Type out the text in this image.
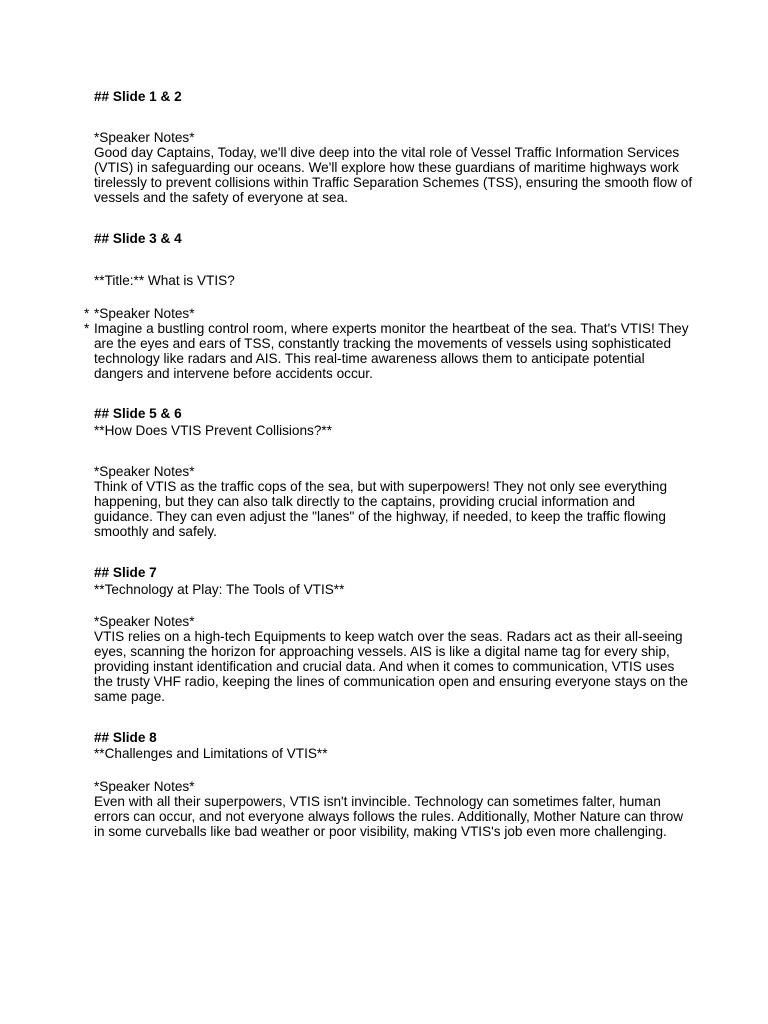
## Slide 1 & 2
*Speaker Notes*
Good day Captains, Today, we'll dive deep into the vital role of Vessel Traffic Information Services (VTIS) in safeguarding our oceans. We'll explore how these guardians of maritime highways work tirelessly to prevent collisions within Traffic Separation Schemes (TSS), ensuring the smooth flow of vessels and the safety of everyone at sea.
## Slide 3 & 4
**Title:** What is VTIS?
*
*
*Speaker Notes*
Imagine a bustling control room, where experts monitor the heartbeat of the sea. That's VTIS! They are the eyes and ears of TSS, constantly tracking the movements of vessels using sophisticated technology like radars and AIS. This real-time awareness allows them to anticipate potential dangers and intervene before accidents occur.
## Slide 5 & 6
**How Does VTIS Prevent Collisions?**
*Speaker Notes*
Think of VTIS as the traffic cops of the sea, but with superpowers! They not only see everything happening, but they can also talk directly to the captains, providing crucial information and guidance. They can even adjust the "lanes" of the highway, if needed, to keep the traffic flowing smoothly and safely.
## Slide 7
**Technology at Play: The Tools of VTIS**
*Speaker Notes*
VTIS relies on a high-tech Equipments to keep watch over the seas. Radars act as their all-seeing eyes, scanning the horizon for approaching vessels. AIS is like a digital name tag for every ship, providing instant identification and crucial data. And when it comes to communication, VTIS uses the trusty VHF radio, keeping the lines of communication open and ensuring everyone stays on the same page.
## Slide 8
**Challenges and Limitations of VTIS**
*Speaker Notes*
Even with all their superpowers, VTIS isn't invincible. Technology can sometimes falter, human errors can occur, and not everyone always follows the rules. Additionally, Mother Nature can throw in some curveballs like bad weather or poor visibility, making VTIS's job even more challenging.
